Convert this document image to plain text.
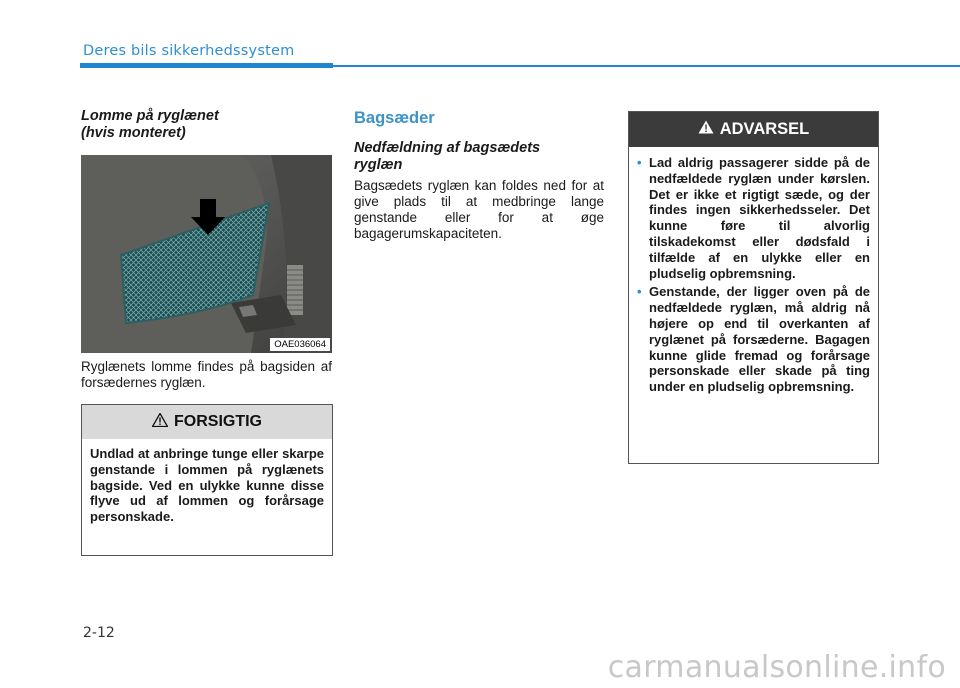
Deres bils sikkerhedssystem
Lomme på ryglænet
(hvis monteret)
OAE036064
Ryglænets lomme findes på bagsiden af forsædernes ryglæn.
FORSIGTIG
Undlad at anbringe tunge eller skarpe genstande i lommen på ryglænets bagside. Ved en ulykke kunne disse flyve ud af lommen og forårsage personskade.
Bagsæder
Nedfældning af bagsædets
ryglæn
Bagsædets ryglæn kan foldes ned for at give plads til at medbringe lange genstande eller for at øge bagagerumskapaciteten.
ADVARSEL
• Lad aldrig passagerer sidde på de nedfældede ryglæn under kørslen. Det er ikke et rigtigt sæde, og der findes ingen sikkerhedsseler. Det kunne føre til alvorlig tilskadekomst eller dødsfald i tilfælde af en ulykke eller en pludselig opbremsning.
• Genstande, der ligger oven på de nedfældede ryglæn, må aldrig nå højere op end til overkanten af ryglænet på forsæderne. Bagagen kunne glide fremad og forårsage personskade eller skade på ting under en pludselig opbremsning.
2-12
carmanualsonline.info
